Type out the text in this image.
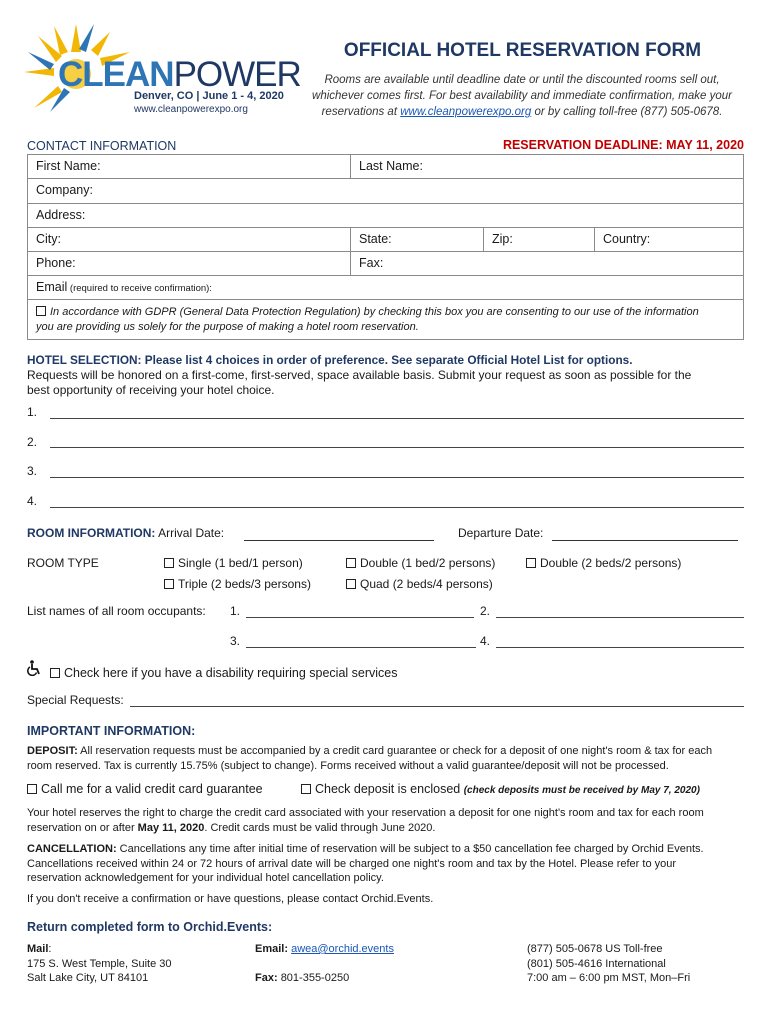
CLEANPOWER
Denver, CO | June 1 - 4, 2020
www.cleanpowerexpo.org
OFFICIAL HOTEL RESERVATION FORM
Rooms are available until deadline date or until the discounted rooms sell out,
whichever comes first. For best availability and immediate confirmation, make your
reservations at www.cleanpowerexpo.org or by calling toll-free (877) 505-0678.
CONTACT INFORMATION	RESERVATION DEADLINE: MAY 11, 2020
First Name:	Last Name:
Company:
Address:
City:	State:	Zip:	Country:
Phone:	Fax:
Email (required to receive confirmation):
In accordance with GDPR (General Data Protection Regulation) by checking this box you are consenting to our use of the information
you are providing us solely for the purpose of making a hotel room reservation.
HOTEL SELECTION: Please list 4 choices in order of preference. See separate Official Hotel List for options.
Requests will be honored on a first-come, first-served, space available basis. Submit your request as soon as possible for the
best opportunity of receiving your hotel choice.
1.
2.
3.
4.
ROOM INFORMATION: Arrival Date:	Departure Date:
ROOM TYPE	Single (1 bed/1 person)	Double (1 bed/2 persons)	Double (2 beds/2 persons)
Triple (2 beds/3 persons)	Quad (2 beds/4 persons)
List names of all room occupants: 1.	2.
3.	4.
Check here if you have a disability requiring special services
Special Requests:
IMPORTANT INFORMATION:
DEPOSIT: All reservation requests must be accompanied by a credit card guarantee or check for a deposit of one night's room & tax for each
room reserved. Tax is currently 15.75% (subject to change). Forms received without a valid guarantee/deposit will not be processed.
Call me for a valid credit card guarantee	Check deposit is enclosed (check deposits must be received by May 7, 2020)
Your hotel reserves the right to charge the credit card associated with your reservation a deposit for one night's room and tax for each room
reservation on or after May 11, 2020. Credit cards must be valid through June 2020.
CANCELLATION: Cancellations any time after initial time of reservation will be subject to a $50 cancellation fee charged by Orchid Events.
Cancellations received within 24 or 72 hours of arrival date will be charged one night's room and tax by the Hotel. Please refer to your
reservation acknowledgement for your individual hotel cancellation policy.
If you don't receive a confirmation or have questions, please contact Orchid.Events.
Return completed form to Orchid.Events:
Mail:
175 S. West Temple, Suite 30
Salt Lake City, UT 84101
Email: awea@orchid.events
Fax: 801-355-0250
(877) 505-0678 US Toll-free
(801) 505-4616 International
7:00 am – 6:00 pm MST, Mon–Fri
